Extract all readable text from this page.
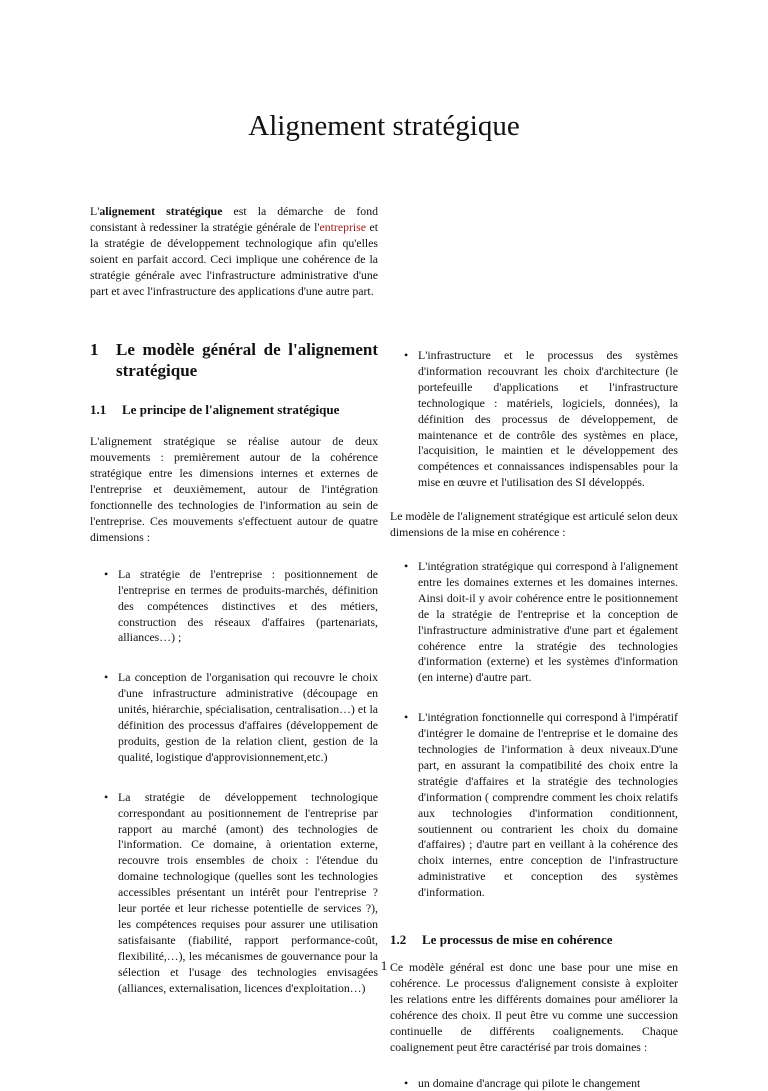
Alignement stratégique

L'alignement stratégique est la démarche de fond consistant à redessiner la stratégie générale de l'entreprise et la stratégie de développement technologique afin qu'elles soient en parfait accord. Ceci implique une cohérence de la stratégie générale avec l'infrastructure administrative d'une part et avec l'infrastructure des applications d'une autre part.

1	Le modèle général de l'alignement stratégique
1.1	Le principe de l'alignement stratégique

L'alignement stratégique se réalise autour de deux mouvements : premièrement autour de la cohérence stratégique entre les dimensions internes et externes de l'entreprise et deuxièmement, autour de l'intégration fonctionnelle des technologies de l'information au sein de l'entreprise. Ces mouvements s'effectuent autour de quatre dimensions :

• La stratégie de l'entreprise : positionnement de l'entreprise en termes de produits-marchés, définition des compétences distinctives et des métiers, construction des réseaux d'affaires (partenariats, alliances…) ;
• La conception de l'organisation qui recouvre le choix d'une infrastructure administrative (découpage en unités, hiérarchie, spécialisation, centralisation…) et la définition des processus d'affaires (développement de produits, gestion de la relation client, gestion de la qualité, logistique d'approvisionnement,etc.)
• La stratégie de développement technologique correspondant au positionnement de l'entreprise par rapport au marché (amont) des technologies de l'information. Ce domaine, à orientation externe, recouvre trois ensembles de choix : l'étendue du domaine technologique (quelles sont les technologies accessibles présentant un intérêt pour l'entreprise ? leur portée et leur richesse potentielle de services ?), les compétences requises pour assurer une utilisation satisfaisante (fiabilité, rapport performance-coût, flexibilité,…), les mécanismes de gouvernance pour la sélection et l'usage des technologies envisagées (alliances, externalisation, licences d'exploitation…)
• L'infrastructure et le processus des systèmes d'information recouvrant les choix d'architecture (le portefeuille d'applications et l'infrastructure technologique : matériels, logiciels, données), la définition des processus de développement, de maintenance et de contrôle des systèmes en place, l'acquisition, le maintien et le développement des compétences et connaissances indispensables pour la mise en œuvre et l'utilisation des SI développés.

Le modèle de l'alignement stratégique est articulé selon deux dimensions de la mise en cohérence :

• L'intégration stratégique qui correspond à l'alignement entre les domaines externes et les domaines internes. Ainsi doit-il y avoir cohérence entre le positionnement de la stratégie de l'entreprise et la conception de l'infrastructure administrative d'une part et également cohérence entre la stratégie des technologies d'information (externe) et les systèmes d'information (en interne) d'autre part.
• L'intégration fonctionnelle qui correspond à l'impératif d'intégrer le domaine de l'entreprise et le domaine des technologies de l'information à deux niveaux.D'une part, en assurant la compatibilité des choix entre la stratégie d'affaires et la stratégie des technologies d'information ( comprendre comment les choix relatifs aux technologies d'information conditionnent, soutiennent ou contrarient les choix du domaine d'affaires) ; d'autre part en veillant à la cohérence des choix internes, entre conception de l'infrastructure administrative et conception des systèmes d'information.
1.2	Le processus de mise en cohérence

Ce modèle général est donc une base pour une mise en cohérence. Le processus d'alignement consiste à exploiter les relations entre les différents domaines pour améliorer la cohérence des choix. Il peut être vu comme une succession continuelle de différents coalignements. Chaque coalignement peut être caractérisé par trois domaines :

• un domaine d'ancrage qui pilote le changement
1
